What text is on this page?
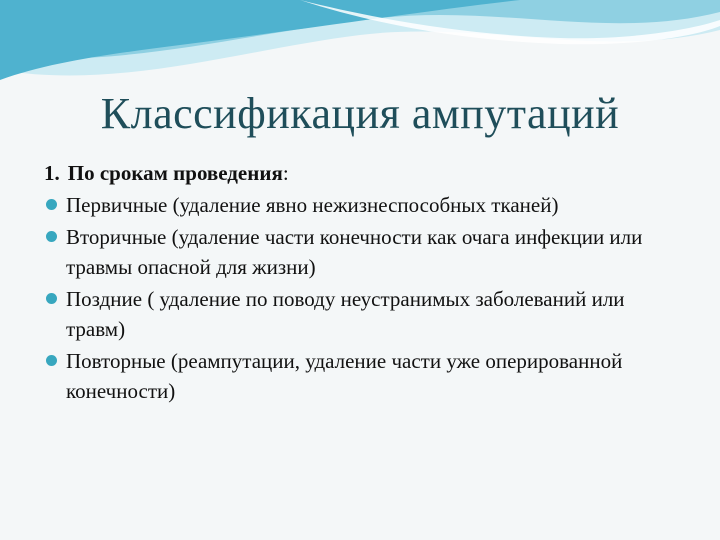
Классификация ампутаций
1. По срокам проведения:
Первичные (удаление явно нежизнеспособных тканей)
Вторичные (удаление части конечности как очага инфекции или травмы опасной для жизни)
Поздние ( удаление по поводу неустранимых заболеваний или травм)
Повторные (реампутации, удаление части уже оперированной конечности)
